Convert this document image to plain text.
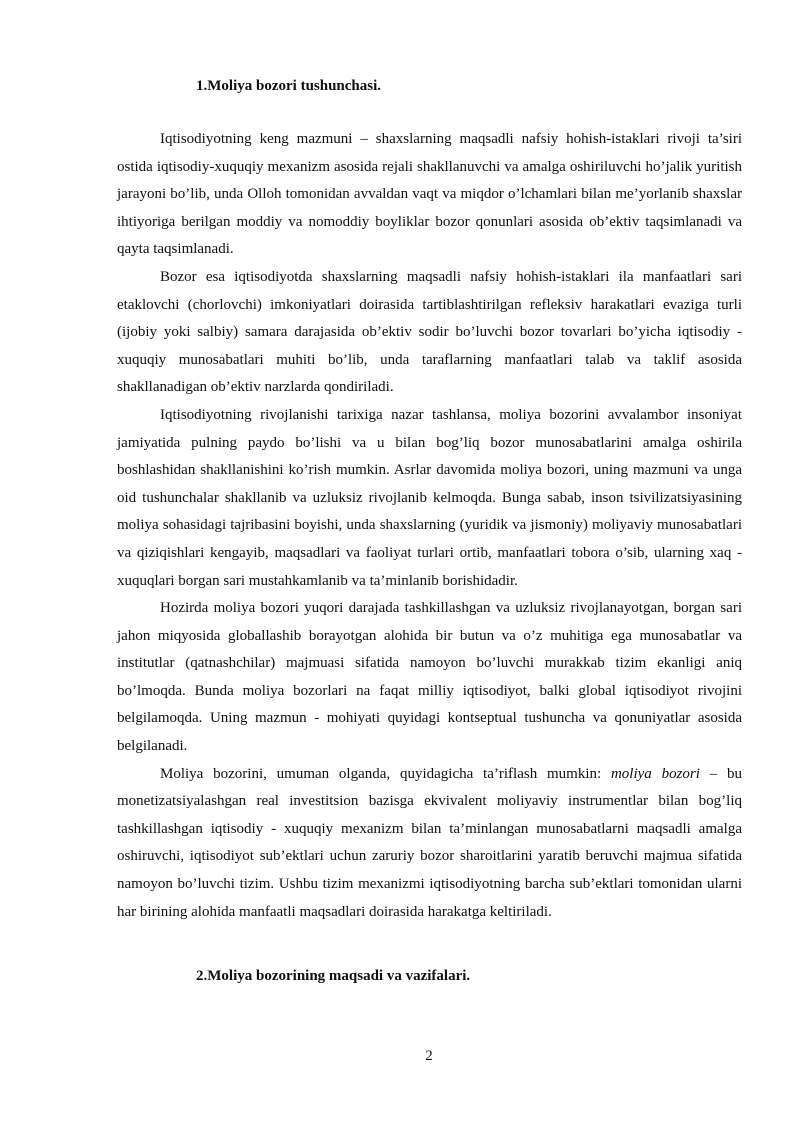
1.Moliya bozori tushunchasi.

Iqtisodiyotning keng mazmuni – shaxslarning maqsadli nafsiy hohish-istaklari rivoji ta’siri ostida iqtisodiy-xuquqiy mexanizm asosida rejali shakllanuvchi va amalga oshiriluvchi ho’jalik yuritish jarayoni bo’lib, unda Olloh tomonidan avvaldan vaqt va miqdor o’lchamlari bilan me’yorlanib shaxslar ihtiyoriga berilgan moddiy va nomoddiy boyliklar bozor qonunlari asosida ob’ektiv taqsimlanadi va qayta taqsimlanadi.

Bozor esa iqtisodiyotda shaxslarning maqsadli nafsiy hohish-istaklari ila manfaatlari sari etaklovchi (chorlovchi) imkoniyatlari doirasida tartiblashtirilgan refleksiv harakatlari evaziga turli (ijobiy yoki salbiy) samara darajasida ob’ektiv sodir bo’luvchi bozor tovarlari bo’yicha iqtisodiy - xuquqiy munosabatlari muhiti bo’lib, unda taraflarning manfaatlari talab va taklif asosida shakllanadigan ob’ektiv narzlarda qondiriladi.

Iqtisodiyotning rivojlanishi tarixiga nazar tashlansa, moliya bozorini avvalambor insoniyat jamiyatida pulning paydo bo’lishi va u bilan bog’liq bozor munosabatlarini amalga oshirila boshlashidan shakllanishini ko’rish mumkin. Asrlar davomida moliya bozori, uning mazmuni va unga oid tushunchalar shakllanib va uzluksiz rivojlanib kelmoqda. Bunga sabab, inson tsivilizatsiyasining moliya sohasidagi tajribasini boyishi, unda shaxslarning (yuridik va jismoniy) moliyaviy munosabatlari va qiziqishlari kengayib, maqsadlari va faoliyat turlari ortib, manfaatlari tobora o’sib, ularning xaq - xuquqlari borgan sari mustahkamlanib va ta’minlanib borishidadir.

Hozirda moliya bozori yuqori darajada tashkillashgan va uzluksiz rivojlanayotgan, borgan sari jahon miqyosida globallashib borayotgan alohida bir butun va o’z muhitiga ega munosabatlar va institutlar (qatnashchilar) majmuasi sifatida namoyon bo’luvchi murakkab tizim ekanligi aniq bo’lmoqda. Bunda moliya bozorlari na faqat milliy iqtisodiyot, balki global iqtisodiyot rivojini belgilamoqda. Uning mazmun - mohiyati quyidagi kontseptual tushuncha va qonuniyatlar asosida belgilanadi.

Moliya bozorini, umuman olganda, quyidagicha ta’riflash mumkin: moliya bozori – bu monetizatsiyalashgan real investitsion bazisga ekvivalent moliyaviy instrumentlar bilan bog’liq tashkillashgan iqtisodiy - xuquqiy mexanizm bilan ta’minlangan munosabatlarni maqsadli amalga oshiruvchi, iqtisodiyot sub’ektlari uchun zaruriy bozor sharoitlarini yaratib beruvchi majmua sifatida namoyon bo’luvchi tizim. Ushbu tizim mexanizmi iqtisodiyotning barcha sub’ektlari tomonidan ularni har birining alohida manfaatli maqsadlari doirasida harakatga keltiriladi.

2.Moliya bozorining maqsadi va vazifalari.
2
